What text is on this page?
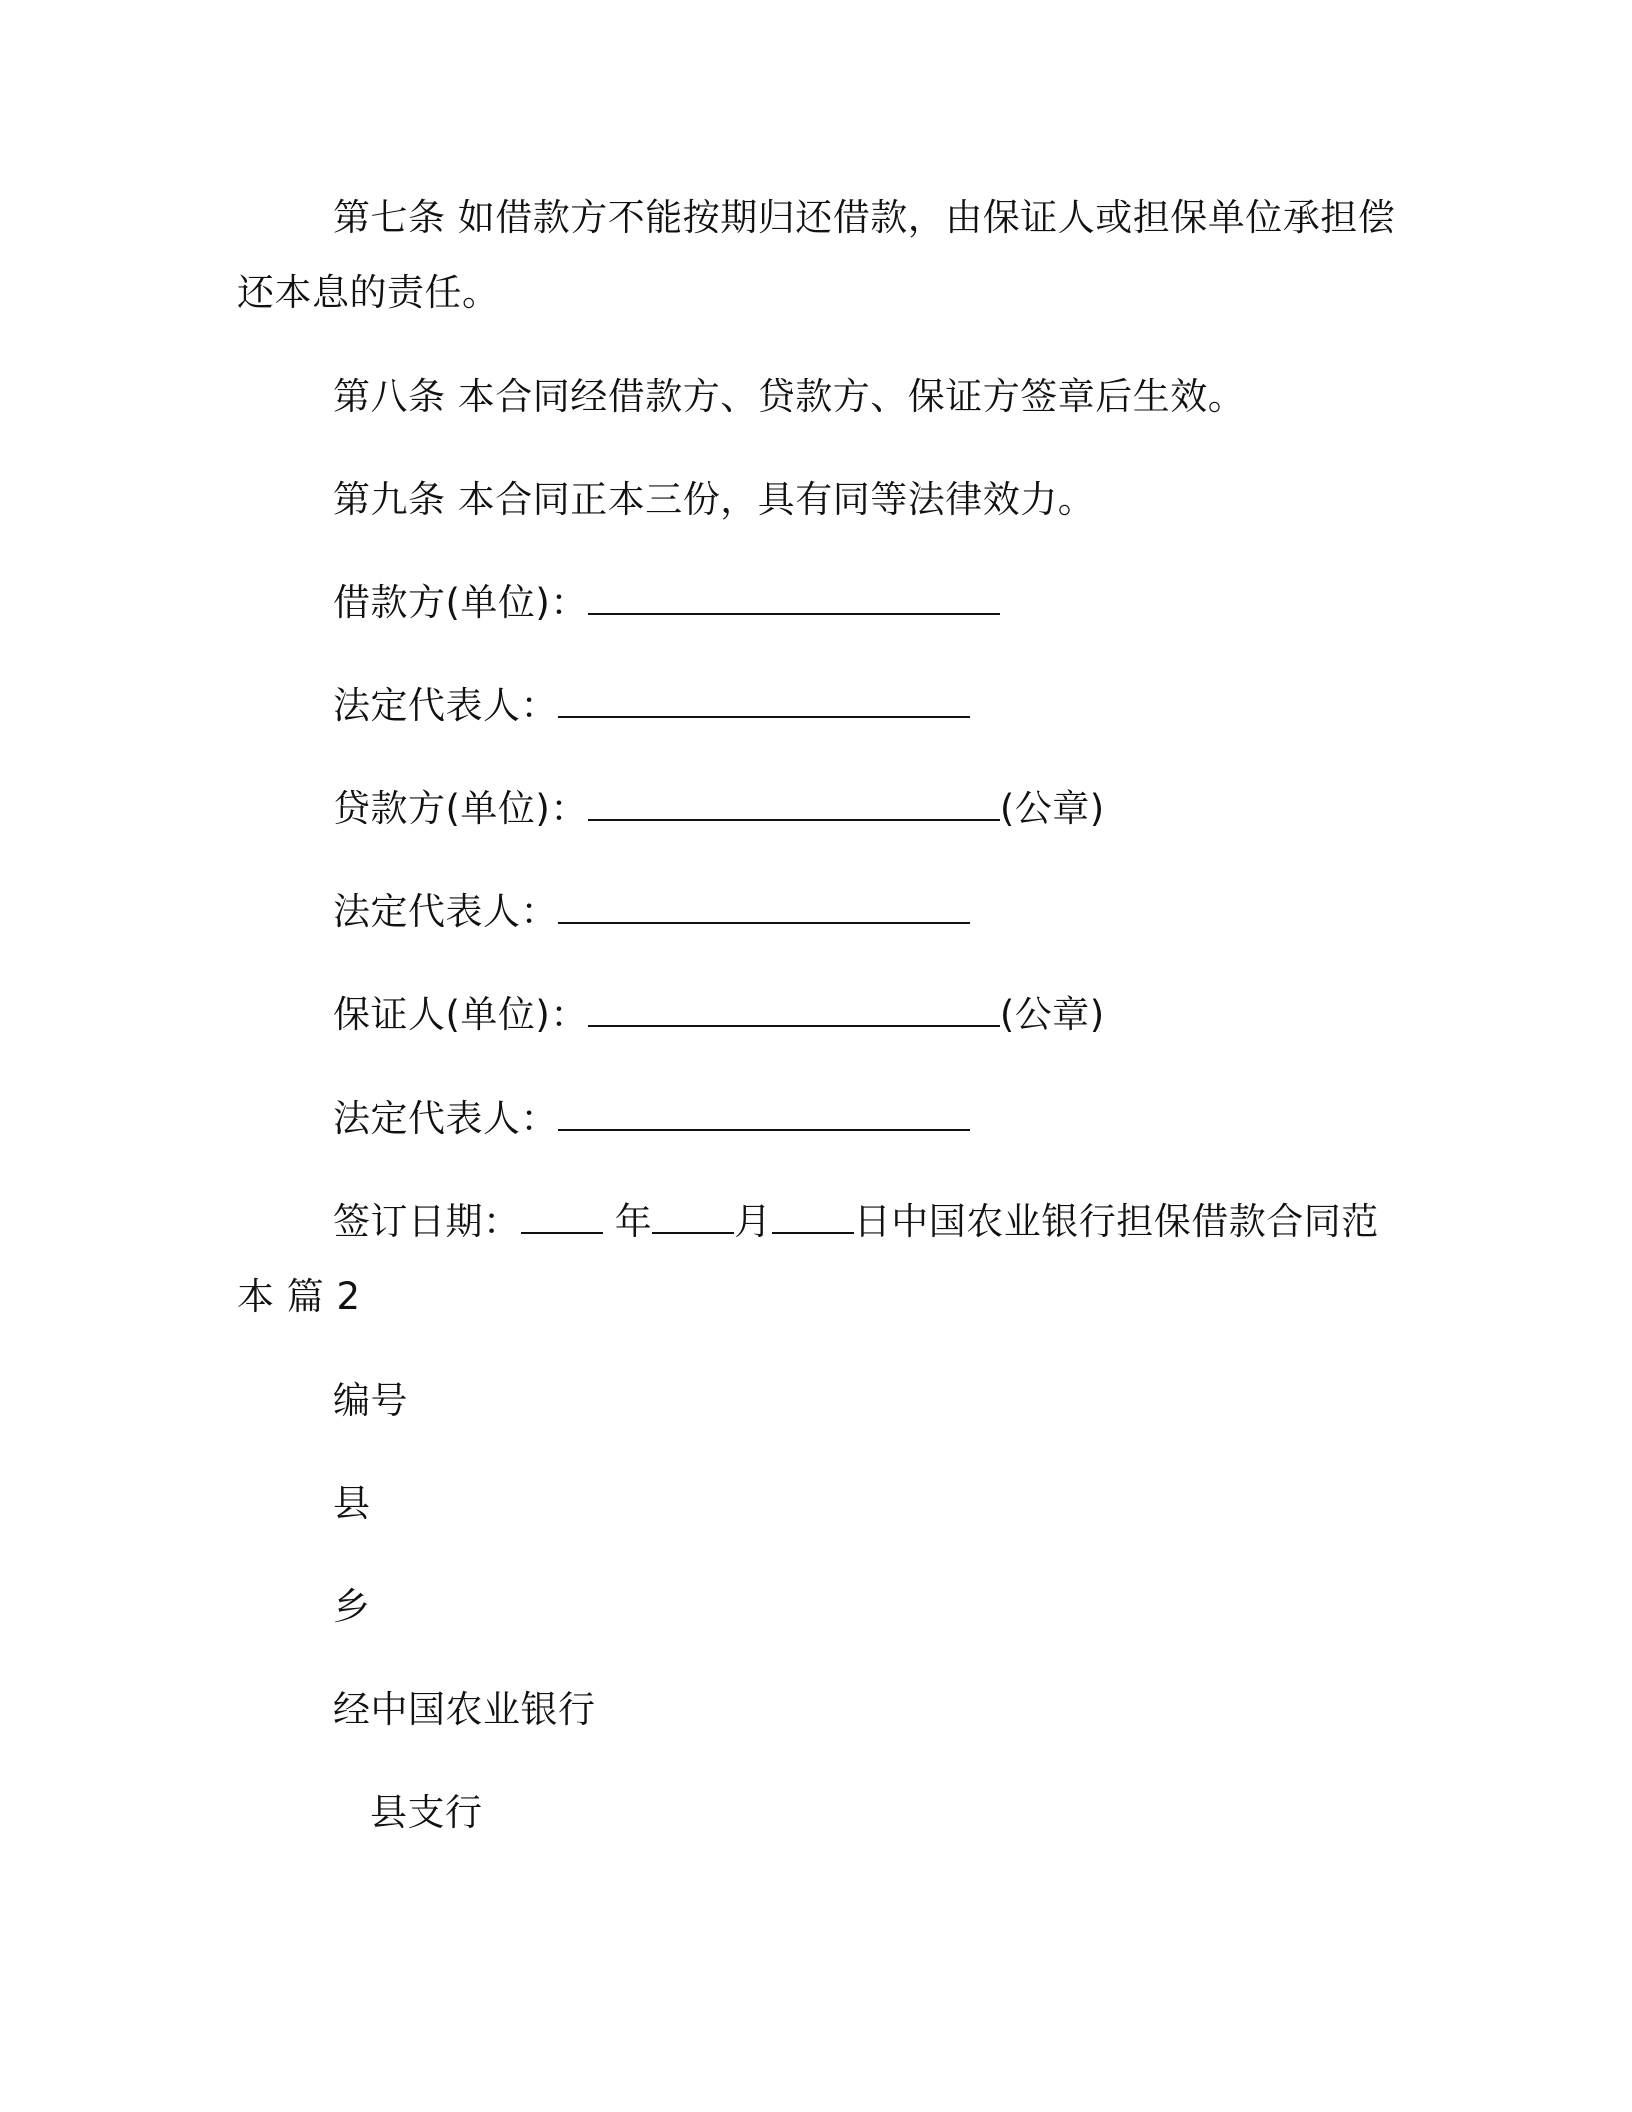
第七条 如借款方不能按期归还借款，由保证人或担保单位承担偿
还本息的责任。
第八条 本合同经借款方、贷款方、保证方签章后生效。
第九条 本合同正本三份，具有同等法律效力。
借款方(单位)：
法定代表人：
贷款方(单位)：	(公章)
法定代表人：
保证人(单位)：	(公章)
法定代表人：
签订日期： 年 月 日中国农业银行担保借款合同范
本 篇 2
编号
县
乡
经中国农业银行
县支行
